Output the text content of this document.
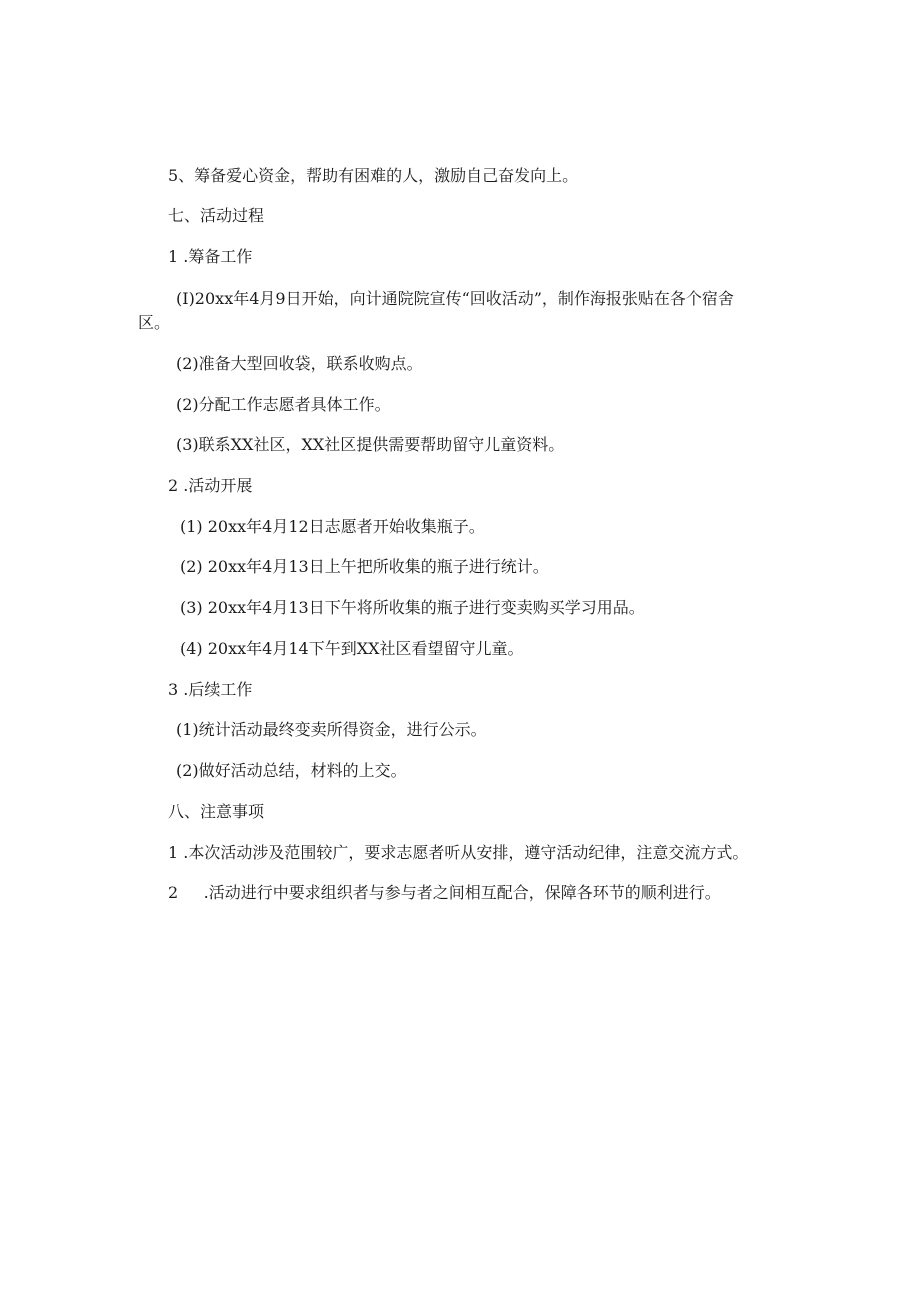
5、筹备爱心资金，帮助有困难的人，激励自己奋发向上。
七、活动过程
1 .筹备工作
(I)20xx年4月9日开始，向计通院院宣传“回收活动”，制作海报张贴在各个宿舍
区。
(2)准备大型回收袋，联系收购点。
(2)分配工作志愿者具体工作。
(3)联系XX社区，XX社区提供需要帮助留守儿童资料。
2 .活动开展
(1) 20xx年4月12日志愿者开始收集瓶子。
(2) 20xx年4月13日上午把所收集的瓶子进行统计。
(3) 20xx年4月13日下午将所收集的瓶子进行变卖购买学习用品。
(4) 20xx年4月14下午到XX社区看望留守儿童。
3 .后续工作
(1)统计活动最终变卖所得资金，进行公示。
(2)做好活动总结，材料的上交。
八、注意事项
1 .本次活动涉及范围较广，要求志愿者听从安排，遵守活动纪律，注意交流方式。
2     .活动进行中要求组织者与参与者之间相互配合，保障各环节的顺利进行。
